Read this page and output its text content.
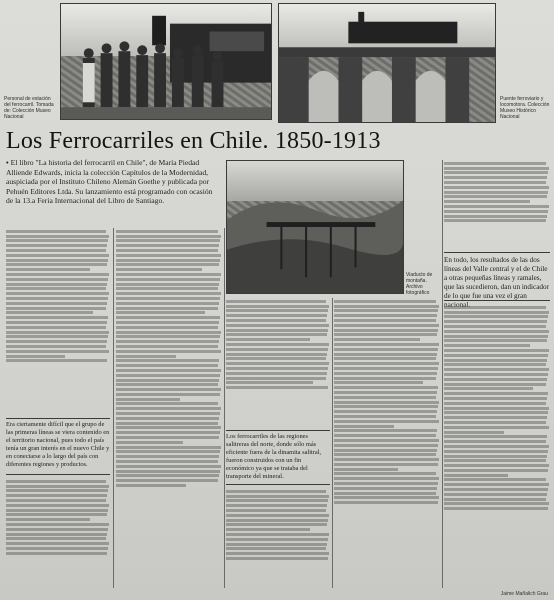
Personal de estación del ferrocarril. Tomada de: Colección Museo Nacional
Puente ferroviario y locomotora. Colección Museo Histórico Nacional
Los Ferrocarriles en Chile. 1850-1913
• El libro "La historia del ferrocarril en Chile", de María Piedad Alliende Edwards, inicia la colección Capítulos de la Modernidad, auspiciada por el Instituto Chileno Alemán Goethe y publicada por Pehuén Editores Ltda. Su lanzamiento está programado con ocasión de la 13.a Feria Internacional del Libro de Santiago.
Viaducto de montaña. Archivo fotográfico
En todo, los resultados de las dos líneas del Valle central y el de Chile a otras pequeñas líneas y ramales, que las sucedieron, dan un indicador de lo que fue una vez el gran
Era ciertamente difícil que el grupo de las primeras líneas se viera contenido en el territorio nacional, pues todo el país tenía un gran interés en el nuevo Chile y en conectarse a lo largo del país con diferentes regiones y productos.
Los ferrocarriles de las regiones salitreras del norte, donde sólo más eficiente fuera de la dinamita salitral, fueron construidos con un fin económico ya que se trataba del transporte del mineral.
Jaime Mañalich Grau
